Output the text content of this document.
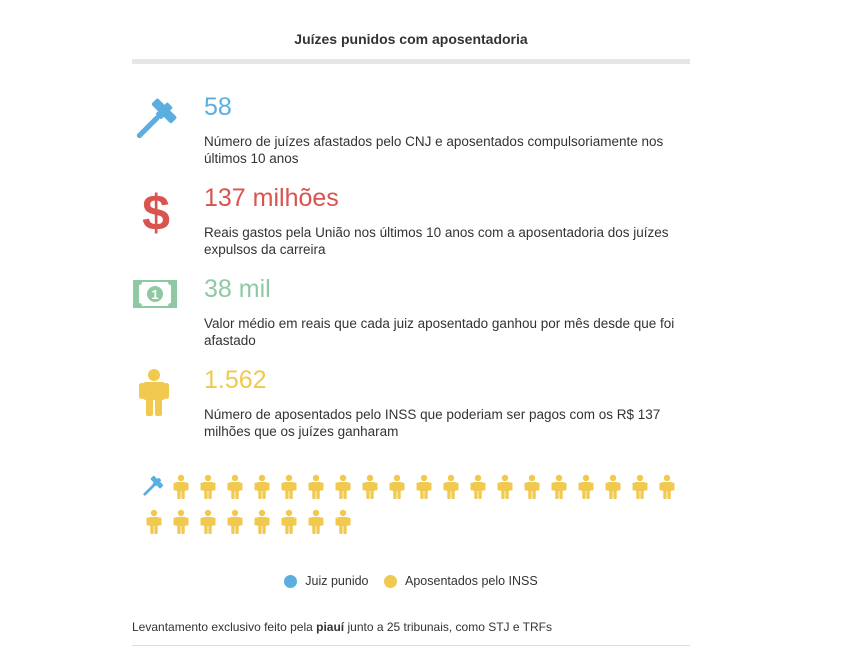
Juízes punidos com aposentadoria
58
Número de juízes afastados pelo CNJ e aposentados compulsoriamente nos últimos 10 anos
$ 137 milhões
Reais gastos pela União nos últimos 10 anos com a aposentadoria dos juízes expulsos da carreira
1 38 mil
Valor médio em reais que cada juiz aposentado ganhou por mês desde que foi afastado
1.562
Número de aposentados pelo INSS que poderiam ser pagos com os R$ 137 milhões que os juízes ganharam
Juiz punido
	Aposentados pelo INSS
Levantamento exclusivo feito pela piauí junto a 25 tribunais, como STJ e TRFs
